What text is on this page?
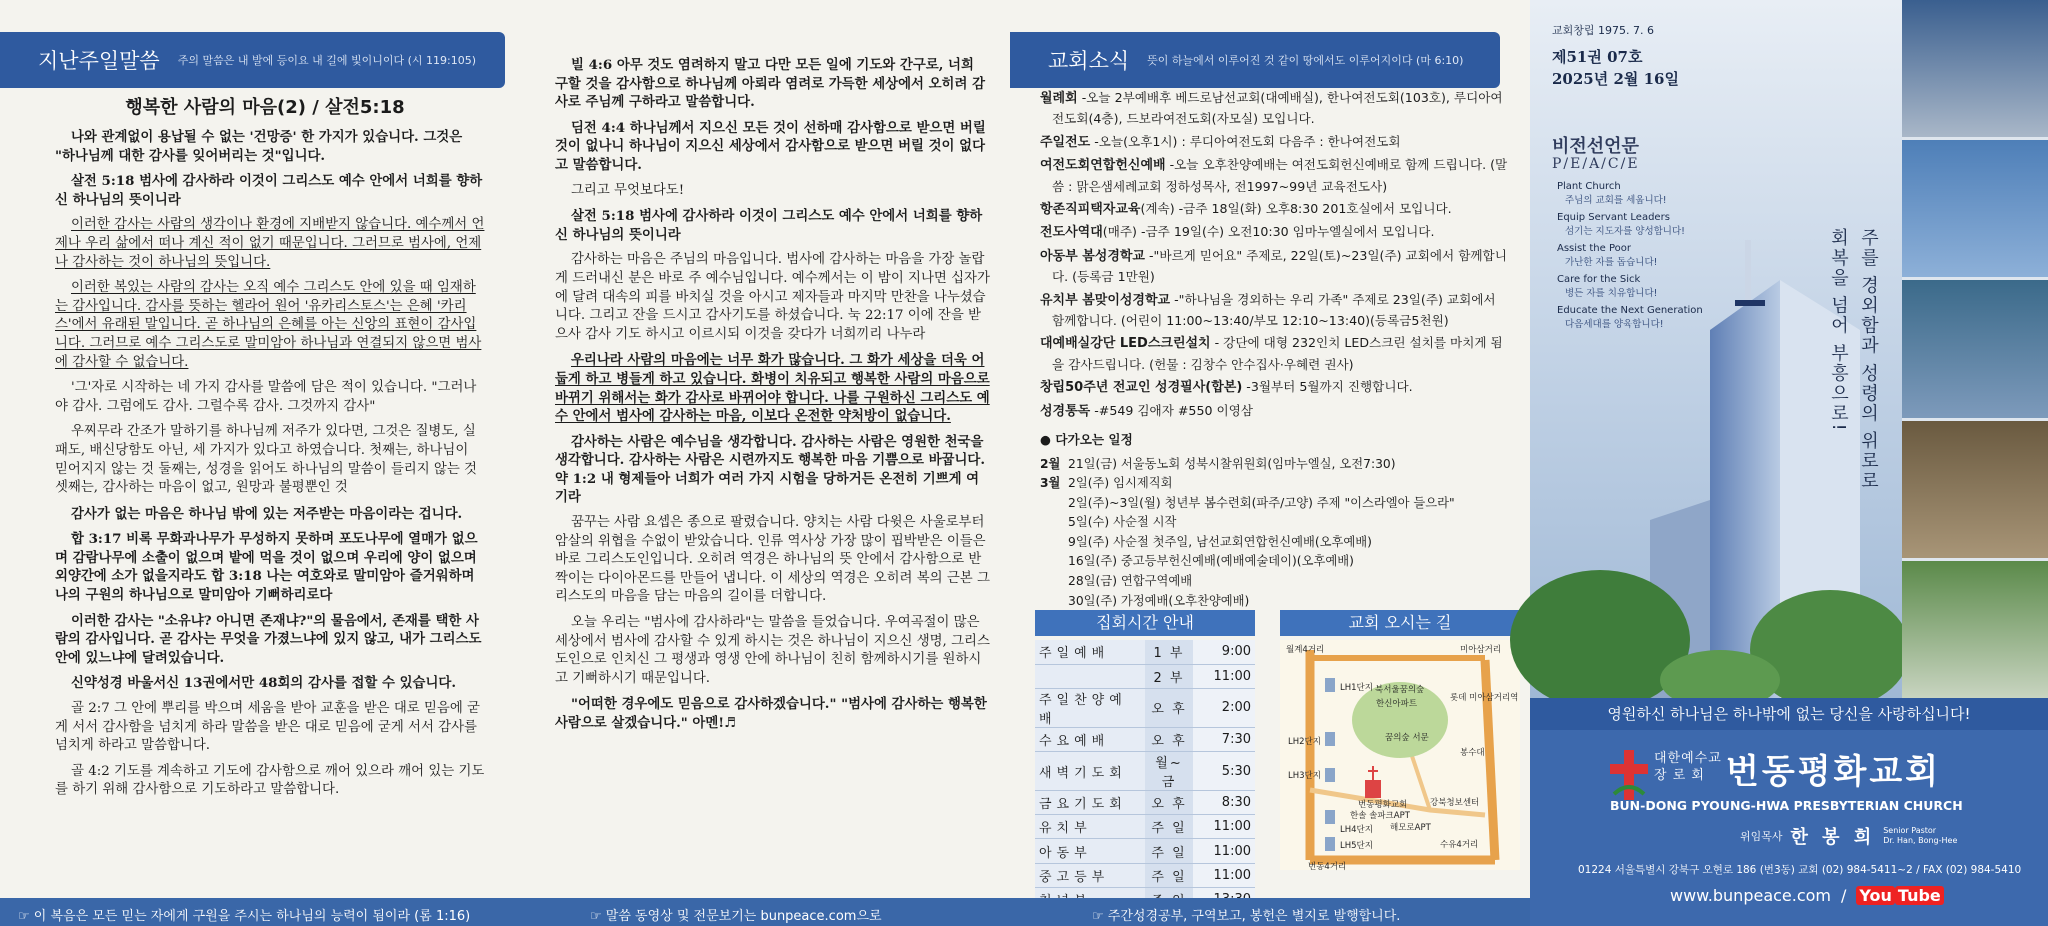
지난주일말씀	주의 말씀은 내 발에 등이요 내 길에 빛이니이다 (시 119:105)
행복한 사람의 마음(2) / 살전5:18

나와 관계없이 용납될 수 없는 '건망증' 한 가지가 있습니다. 그것은 "하나님께 대한 감사를 잊어버리는 것"입니다.

살전 5:18 범사에 감사하라 이것이 그리스도 예수 안에서 너희를 향하신 하나님의 뜻이니라

이러한 감사는 사람의 생각이나 환경에 지배받지 않습니다. 예수께서 언제나 우리 삶에서 떠나 계신 적이 없기 때문입니다. 그러므로 범사에, 언제나 감사하는 것이 하나님의 뜻입니다.

이러한 복있는 사람의 감사는 오직 예수 그리스도 안에 있을 때 임재하는 감사입니다. 감사를 뜻하는 헬라어 원어 '유카리스토스'는 은혜 '카리스'에서 유래된 말입니다. 곧 하나님의 은혜를 아는 신앙의 표현이 감사입니다. 그러므로 예수 그리스도로 말미암아 하나님과 연결되지 않으면 범사에 감사할 수 없습니다.

'그'자로 시작하는 네 가지 감사를 말씀에 담은 적이 있습니다. "그러나야 감사. 그럼에도 감사. 그럴수록 감사. 그것까지 감사"

우찌무라 간조가 말하기를 하나님께 저주가 있다면, 그것은 질병도, 실패도, 배신당함도 아닌, 세 가지가 있다고 하였습니다. 첫째는, 하나님이 믿어지지 않는 것 둘째는, 성경을 읽어도 하나님의 말씀이 들리지 않는 것 셋째는, 감사하는 마음이 없고, 원망과 불평뿐인 것

감사가 없는 마음은 하나님 밖에 있는 저주받는 마음이라는 겁니다.

합 3:17 비록 무화과나무가 무성하지 못하며 포도나무에 열매가 없으며 감람나무에 소출이 없으며 밭에 먹을 것이 없으며 우리에 양이 없으며 외양간에 소가 없을지라도 합 3:18 나는 여호와로 말미암아 즐거워하며 나의 구원의 하나님으로 말미암아 기뻐하리로다

이러한 감사는 "소유냐? 아니면 존재냐?"의 물음에서, 존재를 택한 사람의 감사입니다. 곧 감사는 무엇을 가졌느냐에 있지 않고, 내가 그리스도 안에 있느냐에 달려있습니다.

신약성경 바울서신 13권에서만 48회의 감사를 접할 수 있습니다.

골 2:7 그 안에 뿌리를 박으며 세움을 받아 교훈을 받은 대로 믿음에 굳게 서서 감사함을 넘치게 하라 말씀을 받은 대로 믿음에 굳게 서서 감사를 넘치게 하라고 말씀합니다.

골 4:2 기도를 계속하고 기도에 감사함으로 깨어 있으라 깨어 있는 기도를 하기 위해 감사함으로 기도하라고 말씀합니다.

빌 4:6 아무 것도 염려하지 말고 다만 모든 일에 기도와 간구로, 너희 구할 것을 감사함으로 하나님께 아뢰라 염려로 가득한 세상에서 오히려 감사로 주님께 구하라고 말씀합니다.

딤전 4:4 하나님께서 지으신 모든 것이 선하매 감사함으로 받으면 버릴 것이 없나니 하나님이 지으신 세상에서 감사함으로 받으면 버릴 것이 없다고 말씀합니다.

그리고 무엇보다도!

살전 5:18 범사에 감사하라 이것이 그리스도 예수 안에서 너희를 향하신 하나님의 뜻이니라

감사하는 마음은 주님의 마음입니다. 범사에 감사하는 마음을 가장 놀랍게 드러내신 분은 바로 주 예수님입니다. 예수께서는 이 밤이 지나면 십자가에 달려 대속의 피를 바치실 것을 아시고 제자들과 마지막 만찬을 나누셨습니다. 그리고 잔을 드시고 감사기도를 하셨습니다. 눅 22:17 이에 잔을 받으사 감사 기도 하시고 이르시되 이것을 갖다가 너희끼리 나누라

우리나라 사람의 마음에는 너무 화가 많습니다. 그 화가 세상을 더욱 어둡게 하고 병들게 하고 있습니다. 화병이 치유되고 행복한 사람의 마음으로 바뀌기 위해서는 화가 감사로 바뀌어야 합니다. 나를 구원하신 그리스도 예수 안에서 범사에 감사하는 마음, 이보다 온전한 약처방이 없습니다.

감사하는 사람은 예수님을 생각합니다. 감사하는 사람은 영원한 천국을 생각합니다. 감사하는 사람은 시련까지도 행복한 마음 기쁨으로 바꿉니다. 약 1:2 내 형제들아 너희가 여러 가지 시험을 당하거든 온전히 기쁘게 여기라

꿈꾸는 사람 요셉은 종으로 팔렸습니다. 양치는 사람 다윗은 사울로부터 암살의 위협을 수없이 받았습니다. 인류 역사상 가장 많이 핍박받은 이들은 바로 그리스도인입니다. 오히려 역경은 하나님의 뜻 안에서 감사함으로 반짝이는 다이아몬드를 만들어 냅니다. 이 세상의 역경은 오히려 복의 근본 그리스도의 마음을 담는 마음의 길이를 더합니다.

오늘 우리는 "범사에 감사하라"는 말씀을 들었습니다. 우여곡절이 많은 세상에서 범사에 감사할 수 있게 하시는 것은 하나님이 지으신 생명, 그리스도인으로 인치신 그 평생과 영생 안에 하나님이 친히 함께하시기를 원하시고 기뻐하시기 때문입니다.

"어떠한 경우에도 믿음으로 감사하겠습니다." "범사에 감사하는 행복한 사람으로 살겠습니다." 아멘!♬

교회소식	뜻이 하늘에서 이루어진 것 같이 땅에서도 이루어지이다 (마 6:10)

월례회 -오늘 2부예배후 베드로남선교회(대예배실), 한나여전도회(103호), 루디아여전도회(4층), 드보라여전도회(자모실) 모입니다.

주일전도 -오늘(오후1시) : 루디아여전도회 다음주 : 한나여전도회

여전도회연합헌신예배 -오늘 오후찬양예배는 여전도회헌신예배로 함께 드립니다. (말씀 : 맑은샘세례교회 정하성목사, 전1997~99년 교육전도사)

항존직피택자교육(계속) -금주 18일(화) 오후8:30 201호실에서 모입니다.

전도사역대(매주) -금주 19일(수) 오전10:30 임마누엘실에서 모입니다.

아동부 봄성경학교 -"바르게 믿어요" 주제로, 22일(토)~23일(주) 교회에서 함께합니다. (등록금 1만원)

유치부 봄맞이성경학교 -"하나님을 경외하는 우리 가족" 주제로 23일(주) 교회에서 함께합니다. (어린이 11:00~13:40/부모 12:10~13:40)(등록금5천원)

대예배실강단 LED스크린설치 - 강단에 대형 232인치 LED스크린 설치를 마치게 됨을 감사드립니다. (헌물 : 김창수 안수집사·우혜련 권사)

창립50주년 전교인 성경필사(합본) -3월부터 5월까지 진행합니다.

성경통독 -#549 김애자 #550 이영삼

● 다가오는 일정
2월 21일(금) 서울동노회 성북시찰위원회(임마누엘실, 오전7:30)
3월 2일(주) 임시제직회
2일(주)~3일(월) 청년부 봄수련회(파주/고양) 주제 "이스라엘아 들으라"
5일(수) 사순절 시작
9일(주) 사순절 첫주일, 남선교회연합헌신예배(오후예배)
16일(주) 중고등부헌신예배(예배예술데이)(오후예배)
28일(금) 연합구역예배
30일(주) 가정예배(오후찬양예배)
집회시간 안내
주일예배	1 부	9:00
	2 부	11:00
주일찬양예배	오 후	2:00
수요예배	오 후	7:30
새벽기도회	월~금	5:30
금요기도회	오 후	8:30
유치부	주 일	11:00
아동부	주 일	11:00
중고등부	주 일	11:00

교회 오시는 길
월계4거리	미아삼거리
LH1단지 북서울꿈의숲
한신아파트
롯데 미아삼거리역
LH2단지	꿈의숲 서문
봉수대
LH3단지
번동평화교회
한솔 솔파크APT
강북청보센터
해모로APT
LH4단지
LH5단지	수유4거리
번동4거리
교회창립 1975. 7. 6
제51권 07호
2025년 2월 16일
비전선언문
P/E/A/C/E
Plant Church
주님의 교회를 세웁니다!
Equip Servant Leaders
섬기는 지도자를 양성합니다!
Assist the Poor
가난한 자를 돕습니다!
Care for the Sick
병든 자를 치유합니다!
Educate the Next Generation
다음세대를 양육합니다!	주를 경외함과 성령의 위로로
회복을 넘어 부흥으로!
영원하신 하나님은 하나밖에 없는 당신을 사랑하십니다!
대한예수교
장 로 회 번동평화교회
BUN-DONG PYOUNG-HWA PRESBYTERIAN CHURCH
위임목사 한 봉 희 Senior Pastor
Dr. Han, Bong-Hee
01224 서울특별시 강북구 오현로 186 (번3동) 교회 (02) 984-5411~2 / FAX (02) 984-5410
www.bunpeace.com / You Tube
☞ 이 복음은 모든 믿는 자에게 구원을 주시는 하나님의 능력이 됨이라 (롬 1:16)	☞ 말씀 동영상 및 전문보기는 bunpeace.com으로	☞ 주간성경공부, 구역보고, 봉헌은 별지로 발행합니다.
